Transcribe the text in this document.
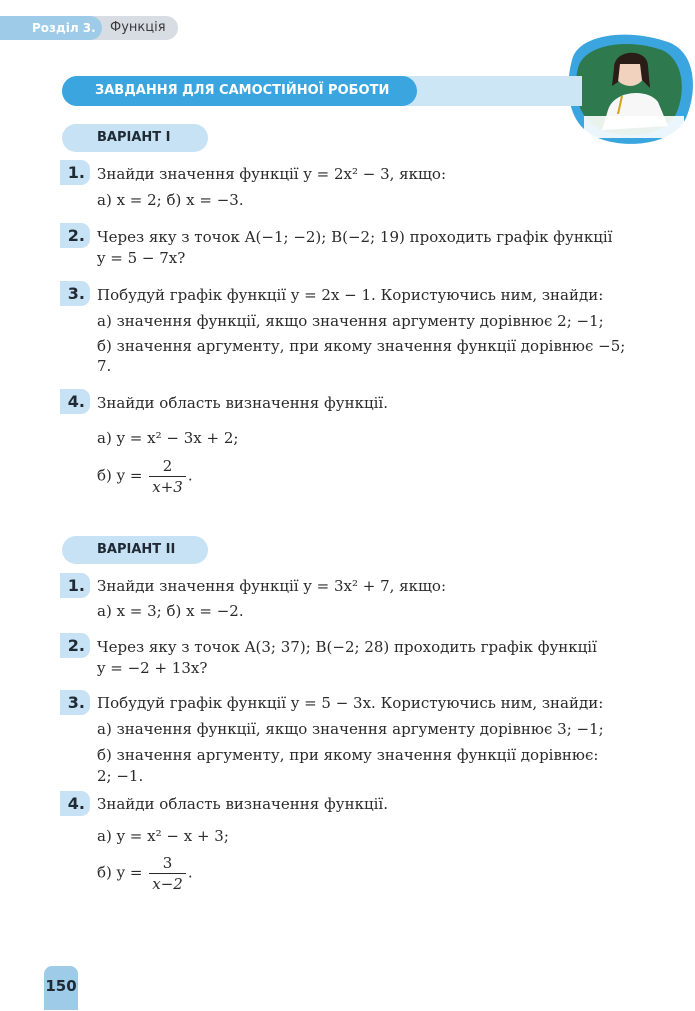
Розділ 3.	Функція
ЗАВДАННЯ ДЛЯ САМОСТІЙНОЇ РОБОТИ
ВАРІАНТ І
1. Знайди значення функції y = 2x² − 3, якщо:
а) x = 2; б) x = −3.
2. Через яку з точок A(−1; −2); B(−2; 19) проходить графік функції
y = 5 − 7x?
3. Побудуй графік функції y = 2x − 1. Користуючись ним, знайди:
а) значення функції, якщо значення аргументу дорівнює 2; −1;
б) значення аргументу, при якому значення функції дорівнює −5;
7.
4. Знайди область визначення функції.
а) y = x² − 3x + 2;
б) $y = \frac{2}{x+3}$ .
ВАРІАНТ ІІ
1. Знайди значення функції y = 3x² + 7, якщо:
а) x = 3; б) x = −2.
2. Через яку з точок A(3; 37); B(−2; 28) проходить графік функції
y = −2 + 13x?
3. Побудуй графік функції y = 5 − 3x. Користуючись ним, знайди:
а) значення функції, якщо значення аргументу дорівнює 3; −1;
б) значення аргументу, при якому значення функції дорівнює:
2; −1.
4. Знайди область визначення функції.
а) y = x² − x + 3;
б) $y = \frac{3}{x-2}$ .
150
